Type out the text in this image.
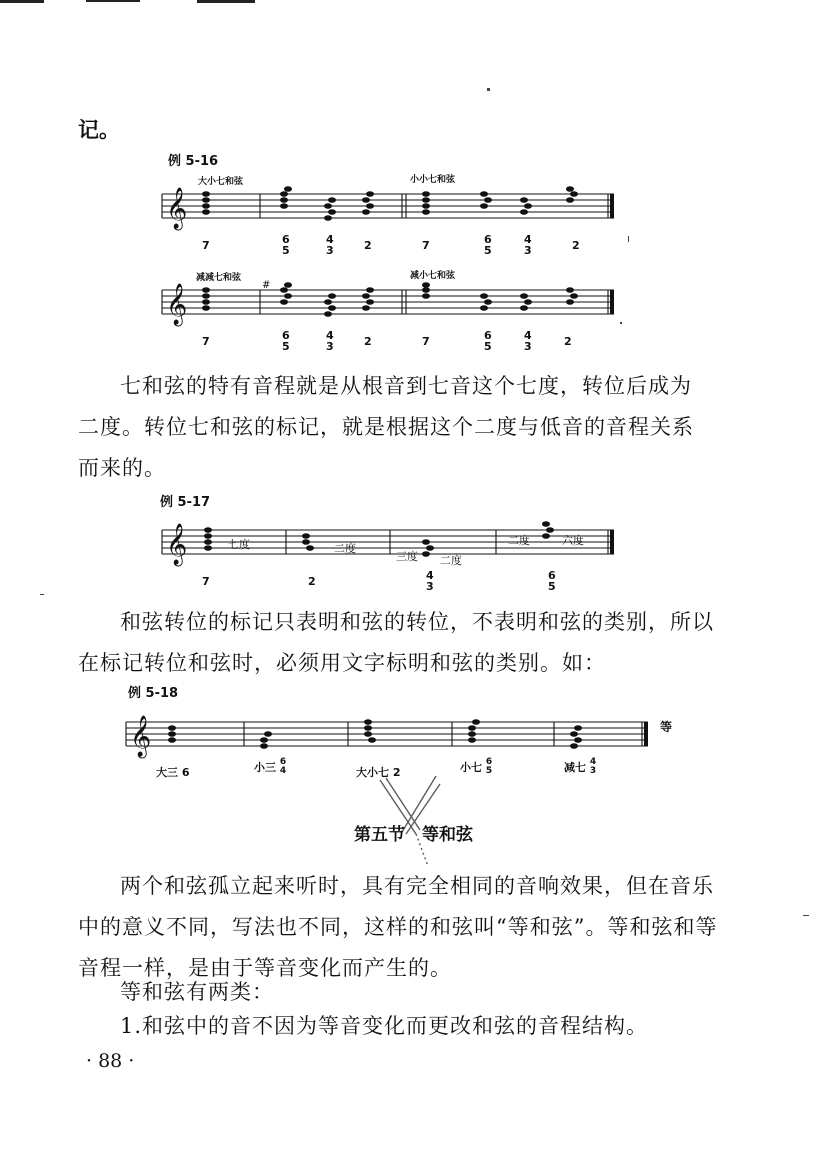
记。
例 5-16
大小七和弦	小小七和弦
𝄞
7	6
5
4
3	2	7	6
5
4
3	2
减减七和弦	减小七和弦
𝄞	#
7	6
5
4
3	2	7	6
5
4
3	2
七和弦的特有音程就是从根音到七音这个七度，转位后成为
二度。转位七和弦的标记，就是根据这个二度与低音的音程关系
而来的。
例 5-17
𝄞	七度	二度
三度 二度
二度	六度
7	2	4
3
6
5
和弦转位的标记只表明和弦的转位，不表明和弦的类别，所以
在标记转位和弦时，必须用文字标明和弦的类别。如：
例 5-18
𝄞	等
大三 6	小三 6
4	大小七 2	小七 6
5	减七 4
3
第五节　等和弦
两个和弦孤立起来听时，具有完全相同的音响效果，但在音乐
中的意义不同，写法也不同，这样的和弦叫“等和弦”。等和弦和等
音程一样，是由于等音变化而产生的。
等和弦有两类：
1.和弦中的音不因为等音变化而更改和弦的音程结构。
· 88 ·
